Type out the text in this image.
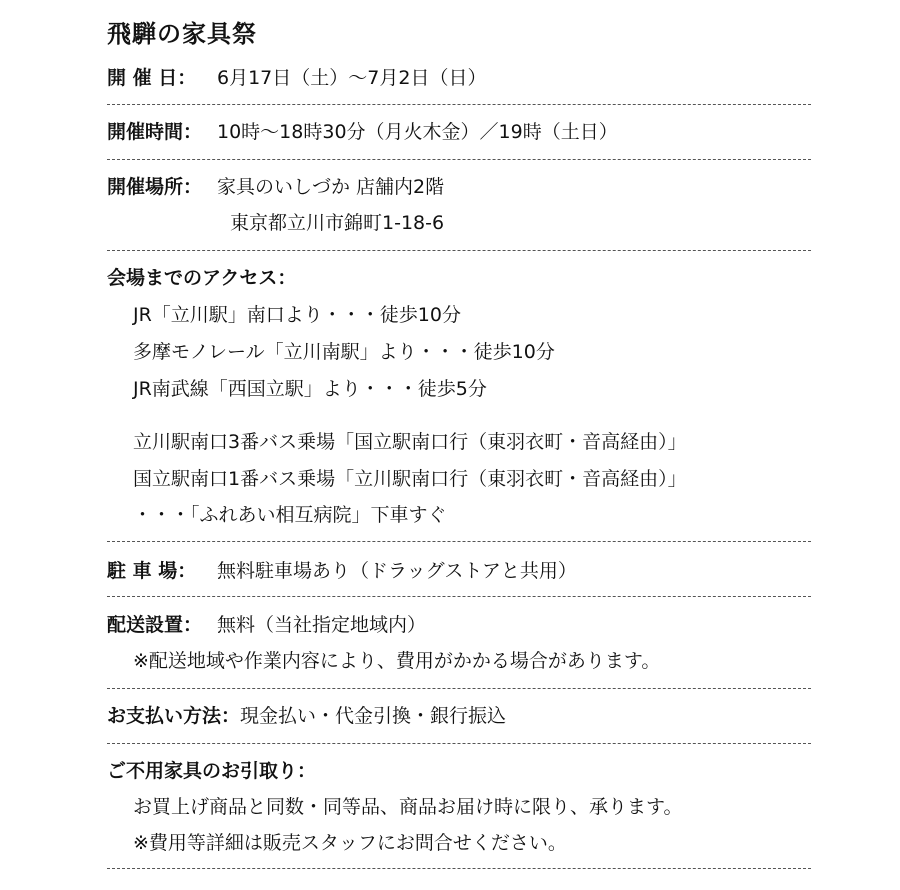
飛騨の家具祭
開 催 日： 6月17日（土）～7月2日（日）
開催時間： 10時～18時30分（月火木金）／19時（土日）
開催場所： 家具のいしづか 店舗内2階
東京都立川市錦町1-18-6
会場までのアクセス：
JR「立川駅」南口より・・・徒歩10分
多摩モノレール「立川南駅」より・・・徒歩10分
JR南武線「西国立駅」より・・・徒歩5分
立川駅南口3番バス乗場「国立駅南口行（東羽衣町・音高経由）」
国立駅南口1番バス乗場「立川駅南口行（東羽衣町・音高経由）」
・・・「ふれあい相互病院」下車すぐ
駐 車 場： 無料駐車場あり（ドラッグストアと共用）
配送設置： 無料（当社指定地域内）
※配送地域や作業内容により、費用がかかる場合があります。
お支払い方法：現金払い・代金引換・銀行振込
ご不用家具のお引取り：
お買上げ商品と同数・同等品、商品お届け時に限り、承ります。
※費用等詳細は販売スタッフにお問合せください。
